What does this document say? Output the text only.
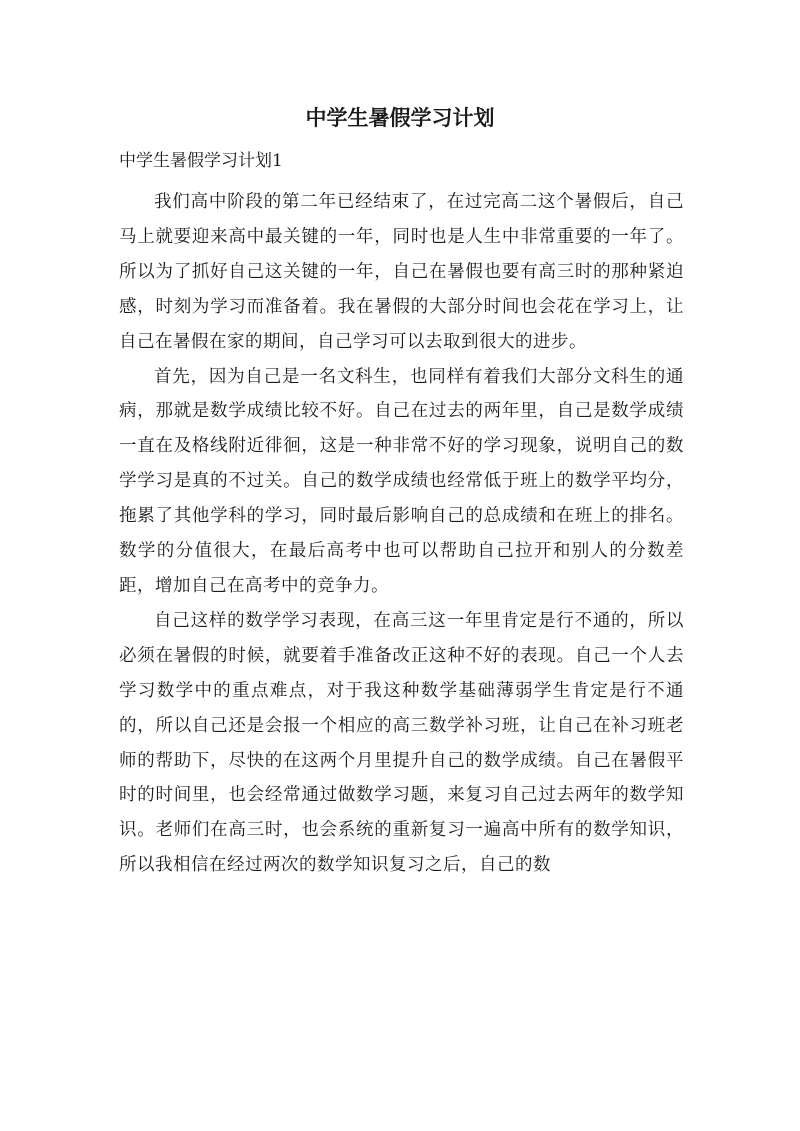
中学生暑假学习计划

中学生暑假学习计划1

我们高中阶段的第二年已经结束了，在过完高二这个暑假后，自己马上就要迎来高中最关键的一年，同时也是人生中非常重要的一年了。所以为了抓好自己这关键的一年，自己在暑假也要有高三时的那种紧迫感，时刻为学习而准备着。我在暑假的大部分时间也会花在学习上，让自己在暑假在家的期间，自己学习可以去取到很大的进步。

首先，因为自己是一名文科生，也同样有着我们大部分文科生的通病，那就是数学成绩比较不好。自己在过去的两年里，自己是数学成绩一直在及格线附近徘徊，这是一种非常不好的学习现象，说明自己的数学学习是真的不过关。自己的数学成绩也经常低于班上的数学平均分，拖累了其他学科的学习，同时最后影响自己的总成绩和在班上的排名。数学的分值很大，在最后高考中也可以帮助自己拉开和别人的分数差距，增加自己在高考中的竞争力。

自己这样的数学学习表现，在高三这一年里肯定是行不通的，所以必须在暑假的时候，就要着手准备改正这种不好的表现。自己一个人去学习数学中的重点难点，对于我这种数学基础薄弱学生肯定是行不通的，所以自己还是会报一个相应的高三数学补习班，让自己在补习班老师的帮助下，尽快的在这两个月里提升自己的数学成绩。自己在暑假平时的时间里，也会经常通过做数学习题，来复习自己过去两年的数学知识。老师们在高三时，也会系统的重新复习一遍高中所有的数学知识，所以我相信在经过两次的数学知识复习之后，自己的数
